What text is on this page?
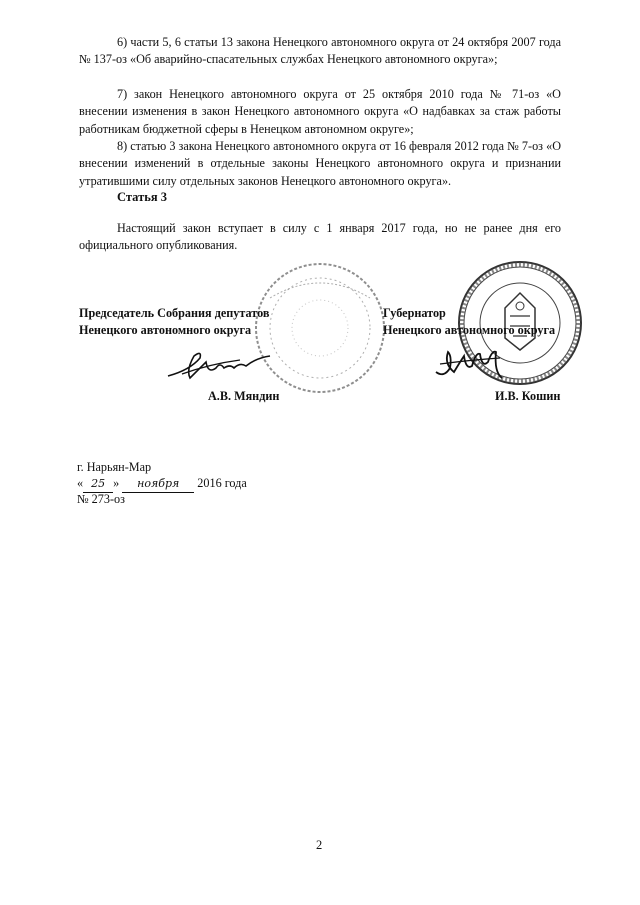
6) части 5, 6 статьи 13 закона Ненецкого автономного округа от 24 октября 2007 года № 137-оз «Об аварийно-спасательных службах Ненецкого автономного округа»;

7) закон Ненецкого автономного округа от 25 октября 2010 года № 71-оз «О внесении изменения в закон Ненецкого автономного округа «О надбавках за стаж работы работникам бюджетной сферы в Ненецком автономном округе»;

8) статью 3 закона Ненецкого автономного округа от 16 февраля 2012 года № 7-оз «О внесении изменений в отдельные законы Ненецкого автономного округа и признании утратившими силу отдельных законов Ненецкого автономного округа».

Статья 3

Настоящий закон вступает в силу с 1 января 2017 года, но не ранее дня его официального опубликования.

Председатель Собрания депутатов
Ненецкого автономного округа
А.В. Мяндин
Губернатор
Ненецкого автономного округа
И.В. Кошин
г. Нарьян-Мар
« 25 » ноября 2016 года
№ 273-оз
2
